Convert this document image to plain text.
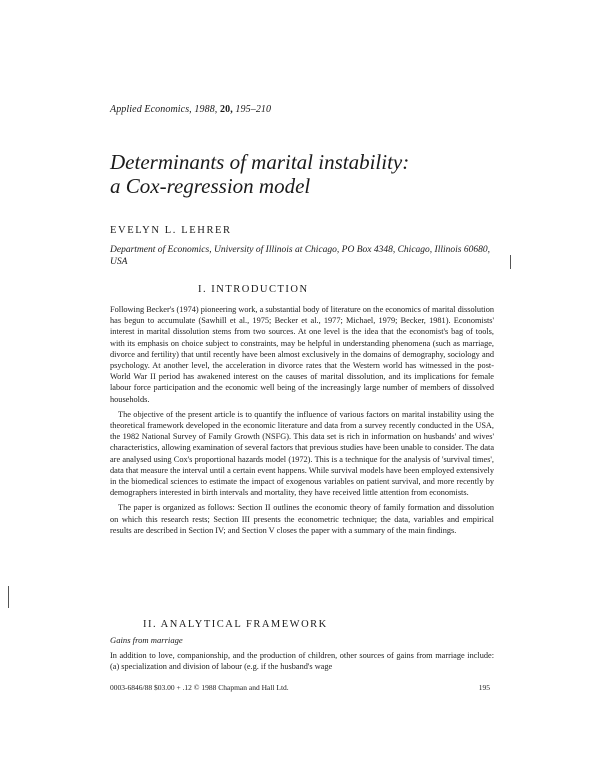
Applied Economics, 1988, 20, 195–210
Determinants of marital instability:
a Cox-regression model
EVELYN L. LEHRER
Department of Economics, University of Illinois at Chicago, PO Box 4348, Chicago, Illinois 60680, USA
I. INTRODUCTION

Following Becker's (1974) pioneering work, a substantial body of literature on the economics of marital dissolution has begun to accumulate (Sawhill et al., 1975; Becker et al., 1977; Michael, 1979; Becker, 1981). Economists' interest in marital dissolution stems from two sources. At one level is the idea that the economist's bag of tools, with its emphasis on choice subject to constraints, may be helpful in understanding phenomena (such as marriage, divorce and fertility) that until recently have been almost exclusively in the domains of demography, sociology and psychology. At another level, the acceleration in divorce rates that the Western world has witnessed in the post-World War II period has awakened interest on the causes of marital dissolution, and its implications for female labour force participation and the economic well being of the increasingly large number of members of dissolved households.

The objective of the present article is to quantify the influence of various factors on marital instability using the theoretical framework developed in the economic literature and data from a survey recently conducted in the USA, the 1982 National Survey of Family Growth (NSFG). This data set is rich in information on husbands' and wives' characteristics, allowing examination of several factors that previous studies have been unable to consider. The data are analysed using Cox's proportional hazards model (1972). This is a technique for the analysis of 'survival times', data that measure the interval until a certain event happens. While survival models have been employed extensively in the biomedical sciences to estimate the impact of exogenous variables on patient survival, and more recently by demographers interested in birth intervals and mortality, they have received little attention from economists.

The paper is organized as follows: Section II outlines the economic theory of family formation and dissolution on which this research rests; Section III presents the econometric technique; the data, variables and empirical results are described in Section IV; and Section V closes the paper with a summary of the main findings.

II. ANALYTICAL FRAMEWORK
Gains from marriage

In addition to love, companionship, and the production of children, other sources of gains from marriage include: (a) specialization and division of labour (e.g. if the husband's wage

0003-6846/88 $03.00 + .12 © 1988 Chapman and Hall Ltd.	195
